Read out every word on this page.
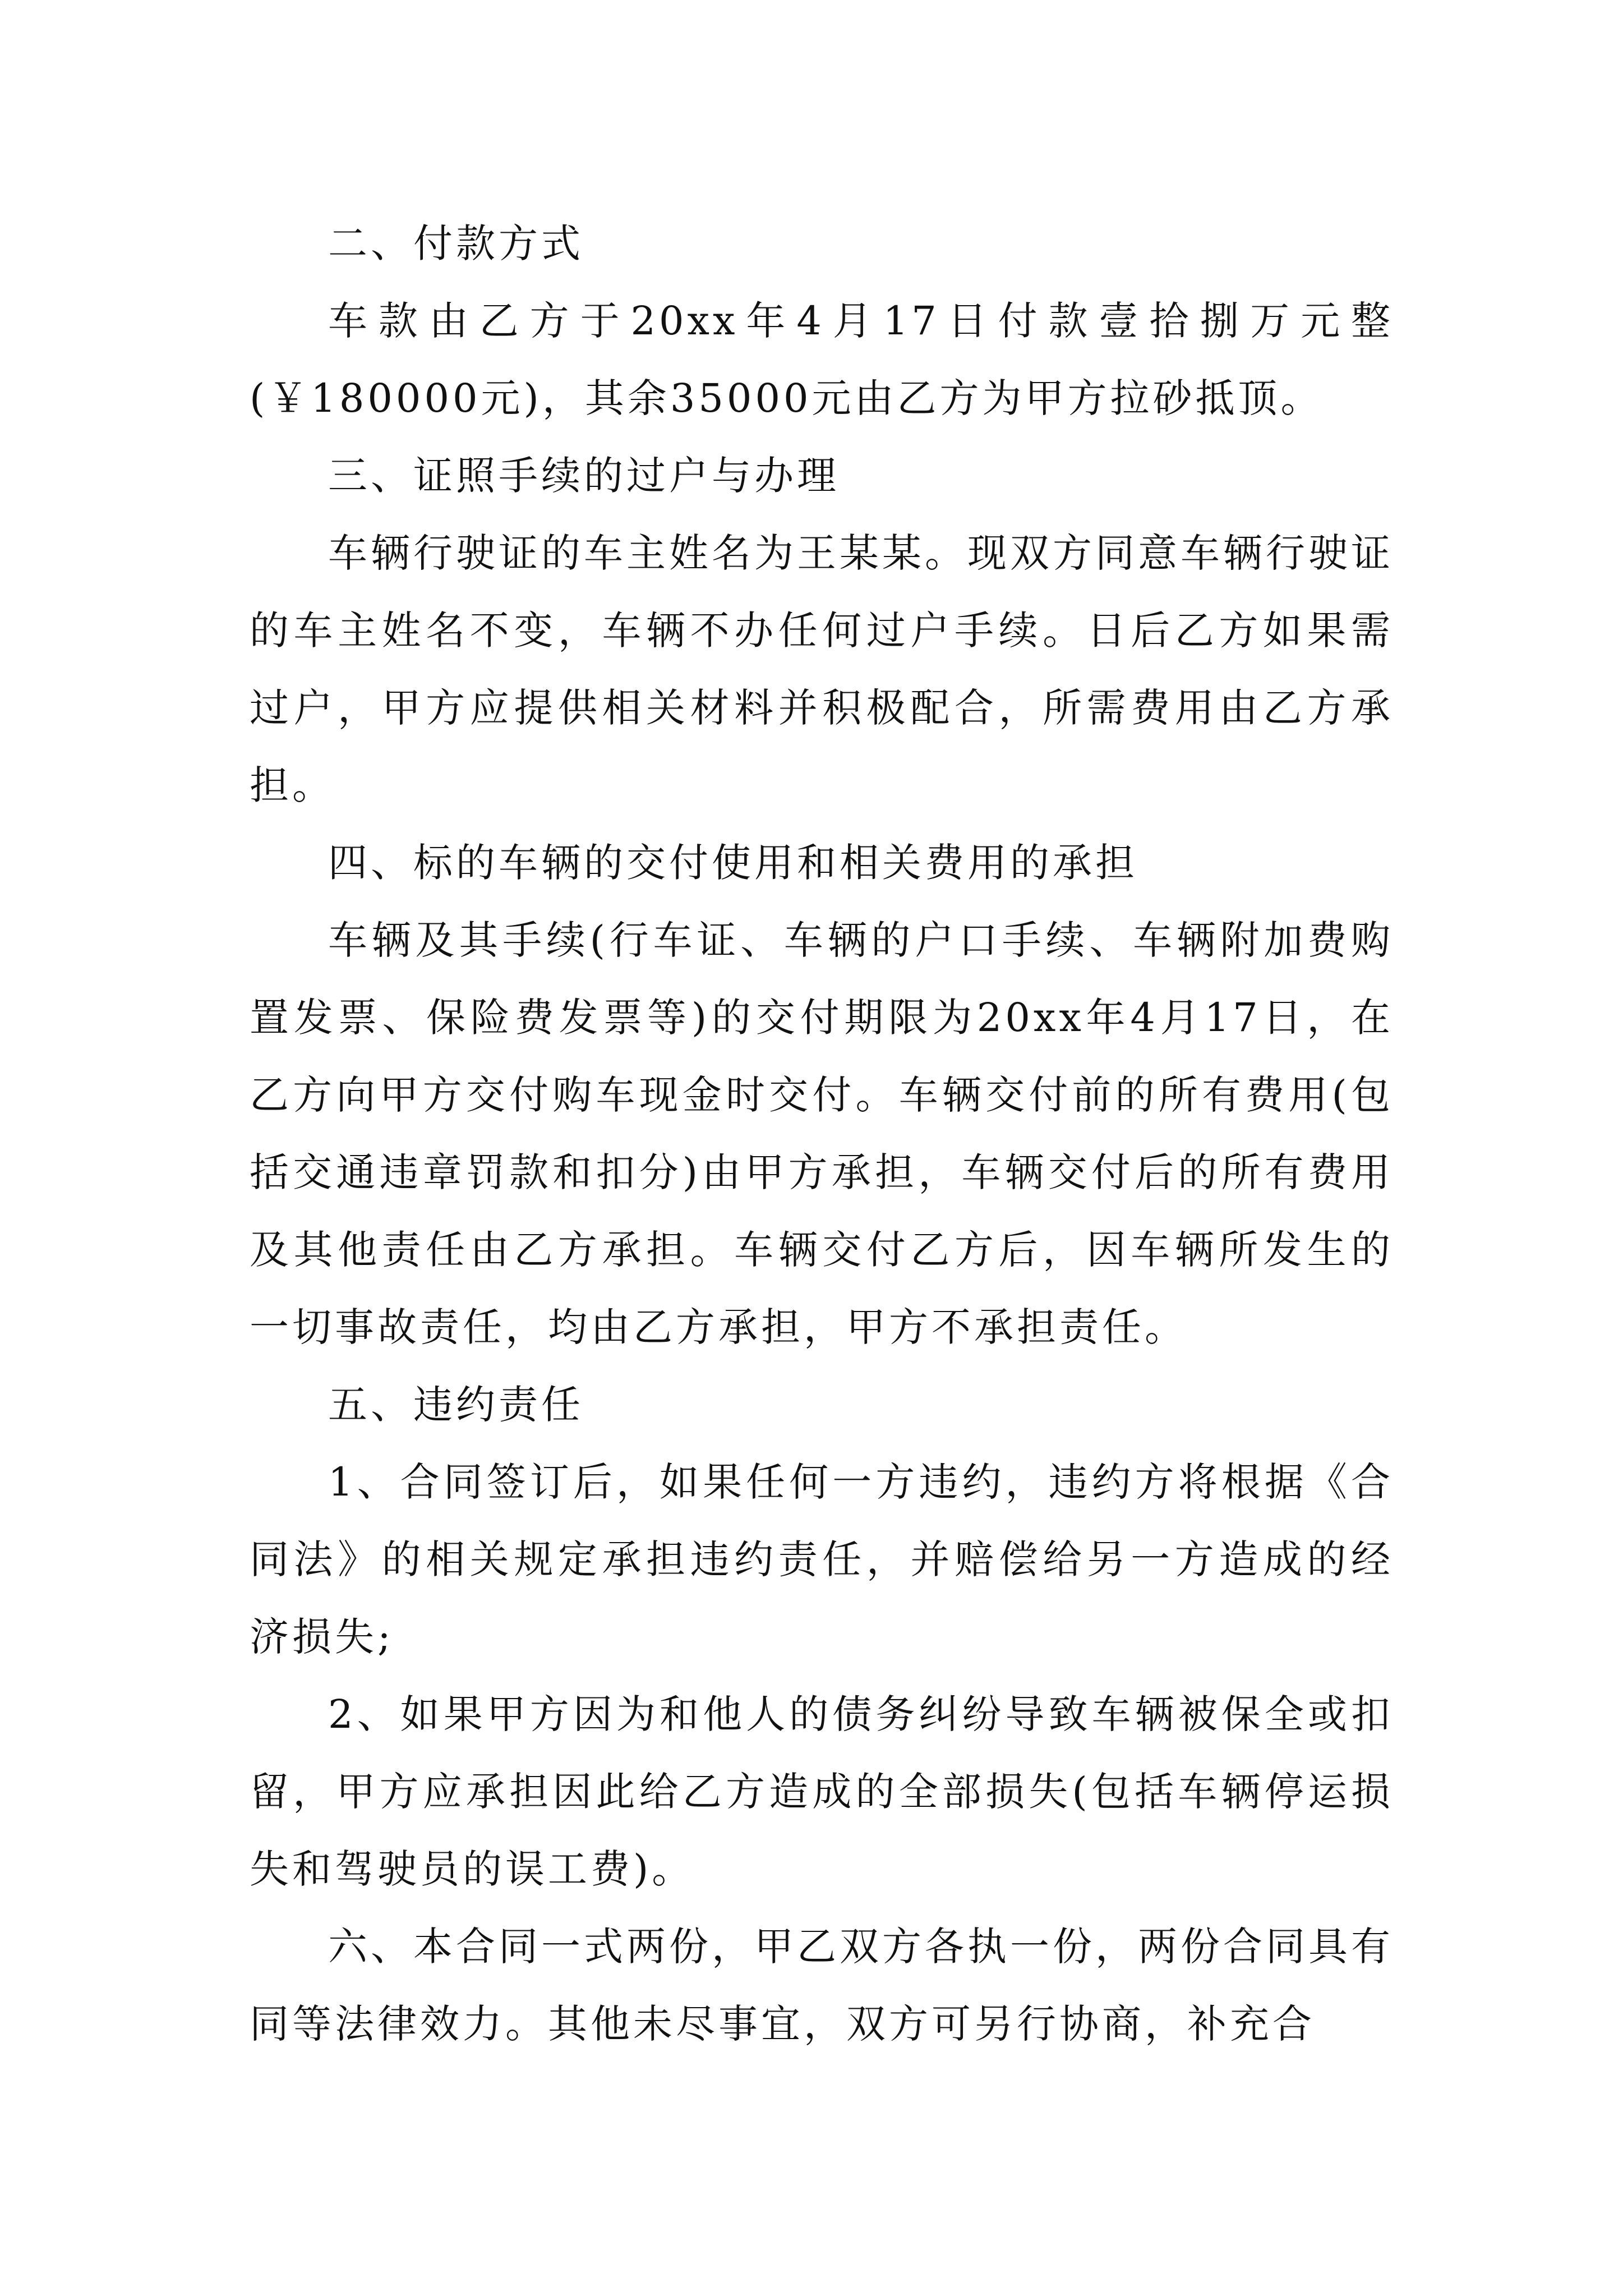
二、付款方式

车款由乙方于20xx年4月17日付款壹拾捌万元整(￥180000元)，其余35000元由乙方为甲方拉砂抵顶。

三、证照手续的过户与办理

车辆行驶证的车主姓名为王某某。现双方同意车辆行驶证的车主姓名不变，车辆不办任何过户手续。日后乙方如果需过户，甲方应提供相关材料并积极配合，所需费用由乙方承担。

四、标的车辆的交付使用和相关费用的承担

车辆及其手续(行车证、车辆的户口手续、车辆附加费购置发票、保险费发票等)的交付期限为20xx年4月17日，在乙方向甲方交付购车现金时交付。车辆交付前的所有费用(包括交通违章罚款和扣分)由甲方承担，车辆交付后的所有费用及其他责任由乙方承担。车辆交付乙方后，因车辆所发生的一切事故责任，均由乙方承担，甲方不承担责任。

五、违约责任

1、合同签订后，如果任何一方违约，违约方将根据《合同法》的相关规定承担违约责任，并赔偿给另一方造成的经济损失;

2、如果甲方因为和他人的债务纠纷导致车辆被保全或扣留，甲方应承担因此给乙方造成的全部损失(包括车辆停运损失和驾驶员的误工费)。

六、本合同一式两份，甲乙双方各执一份，两份合同具有同等法律效力。其他未尽事宜，双方可另行协商，补充合
